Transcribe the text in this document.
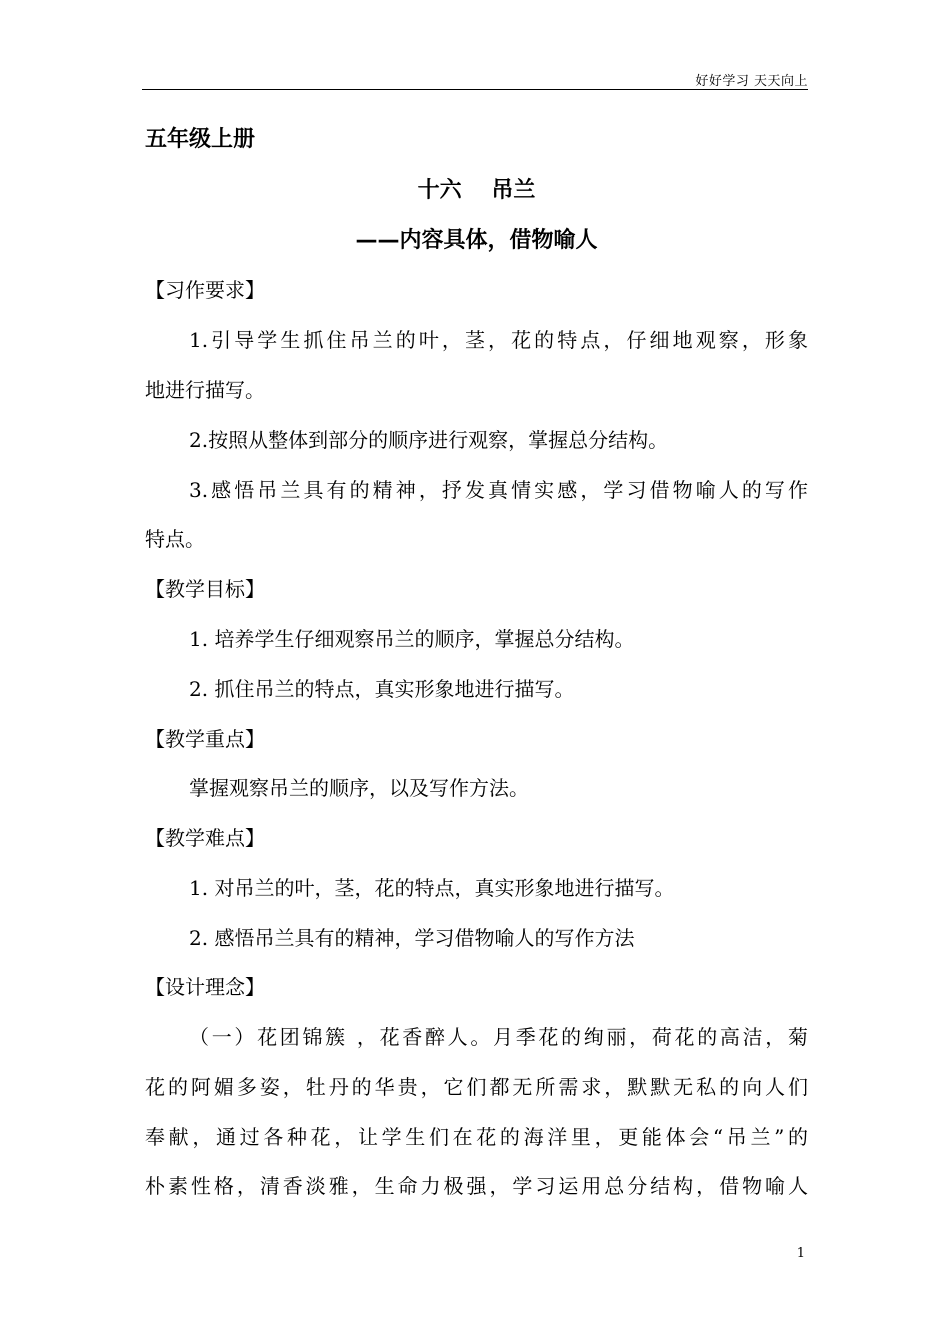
好好学习 天天向上
五年级上册
十六　 吊兰
——内容具体，借物喻人
【习作要求】
1.引导学生抓住吊兰的叶，茎，花的特点，仔细地观察，形象
地进行描写。
2.按照从整体到部分的顺序进行观察，掌握总分结构。
3.感悟吊兰具有的精神，抒发真情实感，学习借物喻人的写作
特点。
【教学目标】
1. 培养学生仔细观察吊兰的顺序，掌握总分结构。
2. 抓住吊兰的特点，真实形象地进行描写。
【教学重点】
掌握观察吊兰的顺序，以及写作方法。
【教学难点】
1. 对吊兰的叶，茎，花的特点，真实形象地进行描写。
2. 感悟吊兰具有的精神，学习借物喻人的写作方法
【设计理念】
（一）花团锦簇 ，花香醉人。月季花的绚丽，荷花的高洁，菊
花的阿媚多姿，牡丹的华贵，它们都无所需求，默默无私的向人们
奉献，通过各种花，让学生们在花的海洋里，更能体会“吊兰”的
朴素性格，清香淡雅，生命力极强，学习运用总分结构，借物喻人
1
